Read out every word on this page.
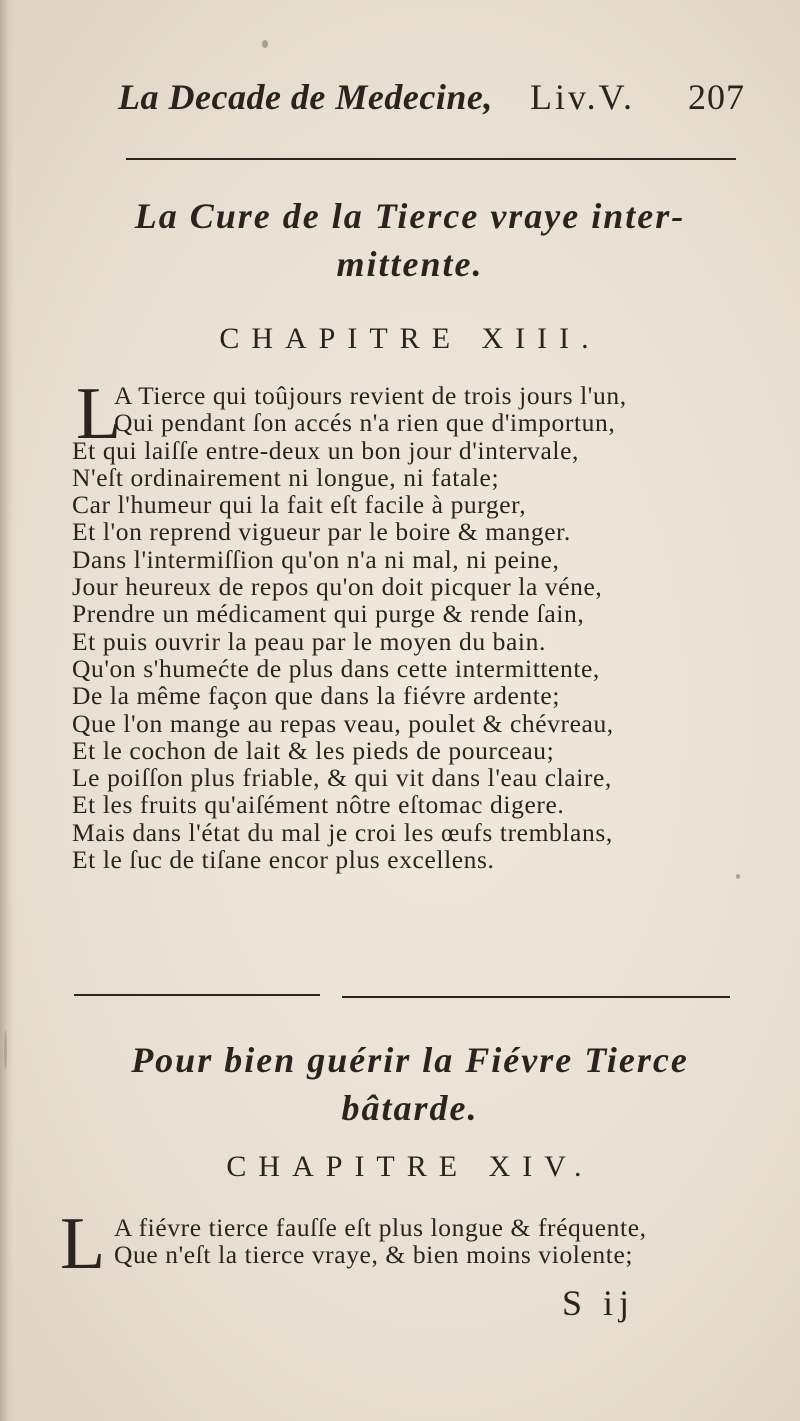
La Decade de Medecine, Liv.V. 207
La Cure de la Tierce vraye inter-
mittente.
CHAPITRE XIII.
L
A Tierce qui toûjours revient de trois jours l'un,
Qui pendant ſon accés n'a rien que d'importun,
Et qui laiſſe entre-deux un bon jour d'intervale,
N'eſt ordinairement ni longue, ni fatale;
Car l'humeur qui la fait eſt facile à purger,
Et l'on reprend vigueur par le boire & manger.
Dans l'intermiſſion qu'on n'a ni mal, ni peine,
Jour heureux de repos qu'on doit picquer la véne,
Prendre un médicament qui purge & rende ſain,
Et puis ouvrir la peau par le moyen du bain.
Qu'on s'humećte de plus dans cette intermittente,
De la même façon que dans la fiévre ardente;
Que l'on mange au repas veau, poulet & chévreau,
Et le cochon de lait & les pieds de pourceau;
Le poiſſon plus friable, & qui vit dans l'eau claire,
Et les fruits qu'aiſément nôtre eſtomac digere.
Mais dans l'état du mal je croi les œufs tremblans,
Et le ſuc de tiſane encor plus excellens.
Pour bien guérir la Fiévre Tierce
bâtarde.
CHAPITRE XIV.
L A fiévre tierce fauſſe eſt plus longue & fréquente,
Que n'eſt la tierce vraye, & bien moins violente;
S ij
